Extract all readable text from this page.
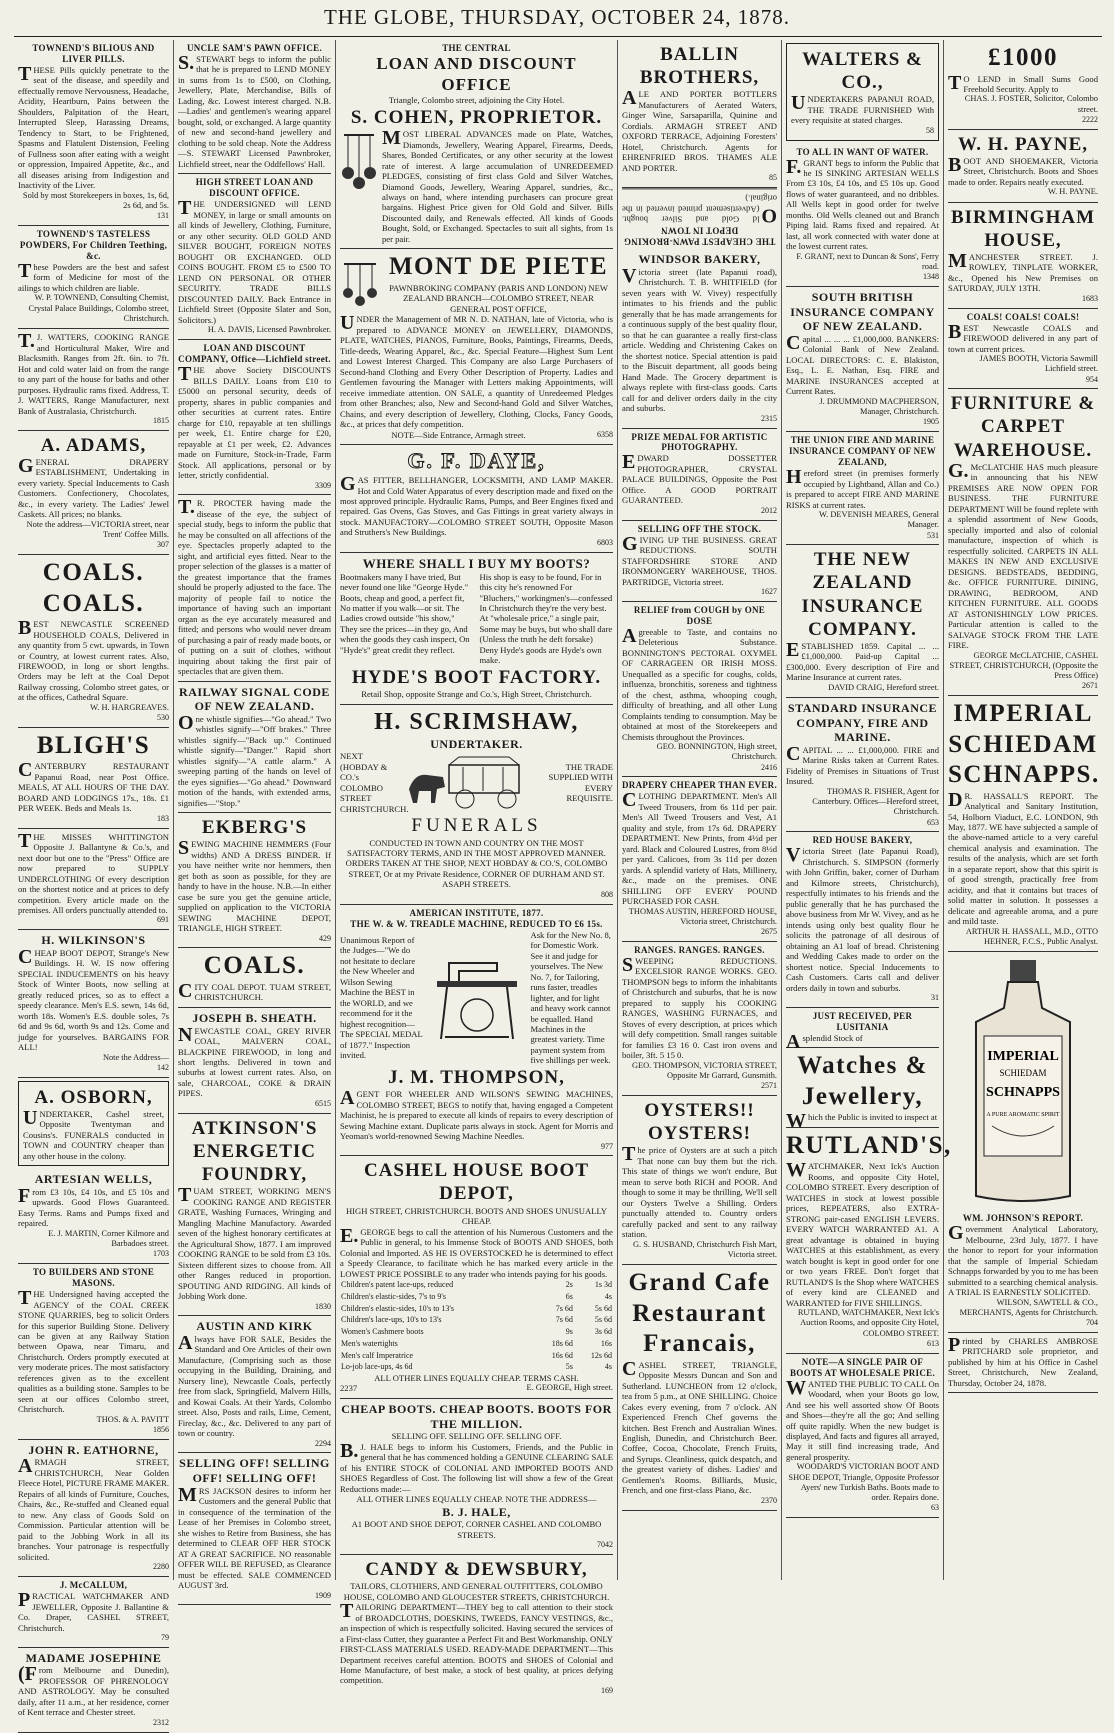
THE GLOBE, THURSDAY, OCTOBER 24, 1878.
TOWNEND'S BILIOUS AND LIVER PILLS.
THESE Pills quickly penetrate to the seat of the disease, and speedily and effectually remove Nervousness, Headache, Acidity, Heartburn, Pains between the Shoulders, Palpitation of the Heart, Interrupted Sleep, Harassing Dreams, Tendency to Start, to be Frightened, Spasms and Flatulent Distension, Feeling of Fullness soon after eating with a weight or oppression, Impaired Appetite, &c., and all diseases arising from Indigestion and Inactivity of the Liver.
Sold by most Storekeepers in boxes, 1s, 6d, 2s 6d, and 5s.
131
TOWNEND'S TASTELESS POWDERS, For Children Teething, &c.
These Powders are the best and safest form of Medicine for most of the ailings to which children are liable.
W. P. TOWNEND, Consulting Chemist, Crystal Palace Buildings, Colombo street, Christchurch.
T.J. WATTERS, COOKING RANGE and Horticultural Maker, Wire and Blacksmith. Ranges from 2ft. 6in. to 7ft. Hot and cold water laid on from the range to any part of the house for baths and other purposes. Hydraulic rams fixed. Address, T. J. WATTERS, Range Manufacturer, next Bank of Australasia, Christchurch.
1815
A. ADAMS,
GENERAL DRAPERY ESTABLISHMENT, Undertaking in every variety. Special Inducements to Cash Customers. Confectionery, Chocolates, &c., in every variety. The Ladies' Jewel Caskets. All prices; no blanks.
Note the address—VICTORIA street, near Trent' Coffee Mills.
307
COALS. COALS.
BEST NEWCASTLE SCREENED HOUSEHOLD COALS, Delivered in any quantity from 5 cwt. upwards, in Town or Country, at lowest current rates. Also, FIREWOOD, in long or short lengths. Orders may be left at the Coal Depot Railway crossing, Colombo street gates, or at the offices, Cathedral Square.
W. H. HARGREAVES.
530
BLIGH'S
CANTERBURY RESTAURANT Papanui Road, near Post Office. MEALS, AT ALL HOURS OF THE DAY. BOARD AND LODGINGS 17s., 18s. £1 PER WEEK. Beds and Meals 1s.
183
THE MISSES WHITTINGTON Opposite J. Ballantyne & Co.'s, and next door but one to the "Press" Office are now prepared to SUPPLY UNDERCLOTHING Of every description on the shortest notice and at prices to defy competition. Every article made on the premises. All orders punctually attended to.
691
H. WILKINSON'S
CHEAP BOOT DEPOT, Strange's New Buildings. H. W. IS now offering SPECIAL INDUCEMENTS on his heavy Stock of Winter Boots, now selling at greatly reduced prices, so as to effect a speedy clearance. Men's E.S. sewn, 14s 6d, worth 18s. Women's E.S. double soles, 7s 6d and 9s 6d, worth 9s and 12s. Come and judge for yourselves. BARGAINS FOR ALL!
Note the Address—
142
A. OSBORN,
UNDERTAKER, Cashel street, Opposite Twentyman and Cousins's. FUNERALS conducted in TOWN and COUNTRY cheaper than any other house in the colony.
ARTESIAN WELLS,
From £3 10s, £4 10s, and £5 10s and upwards. Good Flows Guaranteed. Easy Terms. Rams and Pumps fixed and repaired.
E. J. MARTIN, Corner Kilmore and Barbadoes street.
1703
TO BUILDERS AND STONE MASONS.
THE Undersigned having accepted the AGENCY of the COAL CREEK STONE QUARRIES, beg to solicit Orders for this superior Building Stone. Delivery can be given at any Railway Station between Opawa, near Timaru, and Christchurch. Orders promptly executed at very moderate prices. The most satisfactory references given as to the excellent qualities as a building stone. Samples to be seen at our offices Colombo street, Christchurch.
THOS. & A. PAVITT
1856
JOHN R. EATHORNE,
ARMAGH STREET, CHRISTCHURCH, Near Golden Fleece Hotel, PICTURE FRAME MAKER. Repairs of all kinds of Furniture, Couches, Chairs, &c., Re-stuffed and Cleaned equal to new. Any class of Goods Sold on Commission. Particular attention will be paid to the Jobbing Work in all its branches. Your patronage is respectfully solicited.
2280
J. McCALLUM,
PRACTICAL WATCHMAKER AND JEWELLER, Opposite J. Ballantine & Co. Draper, CASHEL STREET, Christchurch.
79
MADAME JOSEPHINE
(From Melbourne and Dunedin), PROFESSOR OF PHRENOLOGY AND ASTROLOGY. May be consulted daily, after 11 a.m., at her residence, corner of Kent terrace and Chester street.
2312
UNCLE SAM'S PAWN OFFICE.
S.STEWART begs to inform the public that he is prepared to LEND MONEY in sums from 1s to £500, on Clothing, Jewellery, Plate, Merchandise, Bills of Lading, &c. Lowest interest charged. N.B.—Ladies' and gentlemen's wearing apparel bought, sold, or exchanged. A large quantity of new and second-hand jewellery and clothing to be sold cheap. Note the Address—S. STEWART Licensed Pawnbroker, Lichfield street, near the Oddfellows' Hall.
HIGH STREET LOAN AND DISCOUNT OFFICE.
THE UNDERSIGNED will LEND MONEY, in large or small amounts on all kinds of Jewellery, Clothing, Furniture, or any other security. OLD GOLD AND SILVER BOUGHT, FOREIGN NOTES BOUGHT OR EXCHANGED. OLD COINS BOUGHT. FROM £5 to £500 TO LEND ON PERSONAL OR OTHER SECURITY. TRADE BILLS DISCOUNTED DAILY. Back Entrance in Lichfield Street (Opposite Slater and Son, Solicitors.)
H. A. DAVIS, Licensed Pawnbroker.
LOAN AND DISCOUNT COMPANY, Office—Lichfield street.
THE above Society DISCOUNTS BILLS DAILY. Loans from £10 to £5000 on personal security, deeds of property, shares in public companies and other securities at current rates. Entire charge for £10, repayable at ten shillings per week, £1. Entire charge for £20, repayable at £1 per week, £2. Advances made on Furniture, Stock-in-Trade, Farm Stock. All applications, personal or by letter, strictly confidential.
3309
T.R. PROCTER having made the disease of the eye, the subject of special study, begs to inform the public that he may be consulted on all affections of the eye. Spectacles properly adapted to the sight, and artificial eyes fitted. Near to the proper selection of the glasses is a matter of the greatest importance that the frames should be properly adjusted to the face. The majority of people fail to notice the importance of having such an important organ as the eye accurately measured and fitted; and persons who would never dream of purchasing a pair of ready made boots, or of putting on a suit of clothes, without inquiring about taking the first pair of spectacles that are given them.
RAILWAY SIGNAL CODE OF NEW ZEALAND.
One whistle signifies—"Go ahead." Two whistles signify—"Off brakes." Three whistles signify—"Back up." Continued whistle signify—"Danger." Rapid short whistles signify—"A cattle alarm." A sweeping parting of the hands on level of the eyes signifies—"Go ahead." Downward motion of the hands, with extended arms, signifies—"Stop."
EKBERG'S
SEWING MACHINE HEMMERS (Four widths) AND A DRESS BINDER. If you have neither write nor hemmers, then get both as soon as possible, for they are handy to have in the house. N.B.—In either case be sure you get the genuine article, supplied on application to the VICTORIA SEWING MACHINE DEPOT, TRIANGLE, HIGH STREET.
429
COALS.
CITY COAL DEPOT. TUAM STREET, CHRISTCHURCH.
JOSEPH B. SHEATH.
NEWCASTLE COAL, GREY RIVER COAL, MALVERN COAL, BLACKPINE FIREWOOD, in long and short lengths. Delivered in town and suburbs at lowest current rates. Also, on sale, CHARCOAL, COKE & DRAIN PIPES.
6515
ATKINSON'S ENERGETIC FOUNDRY,
TUAM STREET, WORKING MEN'S COOKING RANGE AND REGISTER GRATE, Washing Furnaces, Wringing and Mangling Machine Manufactory. Awarded seven of the highest honorary certificates at the Agricultural Show, 1877. I am improved COOKING RANGE to be sold from £3 10s. Sixteen different sizes to choose from. All other Ranges reduced in proportion. SPOUTING AND RIDGING. All kinds of Jobbing Work done.
1830
AUSTIN AND KIRK
Always have FOR SALE, Besides the Standard and Ore Articles of their own Manufacture, (Comprising such as those occupying in the Building, Draining, and Nursery line), Newcastle Coals, perfectly free from slack, Springfield, Malvern Hills, and Kowai Coals. At their Yards, Colombo street. Also, Posts and rails, Lime, Cement, Fireclay, &c., &c. Delivered to any part of town or country.
2294
SELLING OFF! SELLING OFF! SELLING OFF!
MRS JACKSON desires to inform her Customers and the general Public that in consequence of the termination of the Lease of her Premises in Colombo street, she wishes to Retire from Business, she has determined to CLEAR OFF HER STOCK AT A GREAT SACRIFICE. NO reasonable OFFER WILL BE REFUSED, as Clearance must be effected. SALE COMMENCED AUGUST 3rd.
1909
THE CENTRAL
LOAN AND DISCOUNT OFFICE
Triangle, Colombo street, adjoining the City Hotel.
S. COHEN, PROPRIETOR.
MOST LIBERAL ADVANCES made on Plate, Watches, Diamonds, Jewellery, Wearing Apparel, Firearms, Deeds, Shares, Bonded Certificates, or any other security at the lowest rate of interest. A large accumulation of UNREDEEMED PLEDGES, consisting of first class Gold and Silver Watches, Diamond Goods, Jewellery, Wearing Apparel, sundries, &c., always on hand, where intending purchasers can procure great bargains. Highest Price given for Old Gold and Silver. Bills Discounted daily, and Renewals effected. All kinds of Goods Bought, Sold, or Exchanged. Spectacles to suit all sights, from 1s per pair.
MONT DE PIETE
PAWNBROKING COMPANY (PARIS AND LONDON) NEW ZEALAND BRANCH—COLOMBO STREET, NEAR GENERAL POST OFFICE,
UNDER the Management of MR N. D. NATHAN, late of Victoria, who is prepared to ADVANCE MONEY on JEWELLERY, DIAMONDS, PLATE, WATCHES, PIANOS, Furniture, Books, Paintings, Firearms, Deeds, Title-deeds, Wearing Apparel, &c., &c. Special Feature—Highest Sum Lent and Lowest Interest Charged. This Company are also Large Purchasers of Second-hand Clothing and Every Other Description of Property. Ladies and Gentlemen favouring the Manager with Letters making Appointments, will receive immediate attention. ON SALE, a quantity of Unredeemed Pledges from other Branches; also, New and Second-hand Gold and Silver Watches, Chains, and every description of Jewellery, Clothing, Clocks, Fancy Goods, &c., at prices that defy competition.
NOTE—Side Entrance, Armagh street.	6358
G. F. DAYE,
GAS FITTER, BELLHANGER, LOCKSMITH, AND LAMP MAKER. Hot and Cold Water Apparatus of every description made and fixed on the most approved principle. Hydraulic Rams, Pumps, and Beer Engines fixed and repaired. Gas Ovens, Gas Stoves, and Gas Fittings in great variety always in stock. MANUFACTORY—COLOMBO STREET SOUTH, Opposite Mason and Struthers's New Buildings.
6803
WHERE SHALL I BUY MY BOOTS?
Bootmakers many I have tried, But never found one like "George Hyde." Boots, cheap and good, a perfect fit, No matter if you walk—or sit. The Ladies crowd outside "his show," They see the prices—in they go, And when the goods they cash inspect, On "Hyde's" great credit they reflect.
His shop is easy to be found, For in this city he's renowned For "Bluchers," workingmen's—confessed In Christchurch they're the very best. At "wholesale price," a single pair, Some may be buys, but who shall dare (Unless the truth he deft forsake) Deny Hyde's goods are Hyde's own make.
HYDE'S BOOT FACTORY.
Retail Shop, opposite Strange and Co.'s, High Street, Christchurch.
H. SCRIMSHAW,
UNDERTAKER.
NEXT (HOBDAY & CO.'s COLOMBO STREET CHRISTCHURCH.
THE TRADE SUPPLIED WITH EVERY REQUISITE.
FUNERALS
CONDUCTED IN TOWN AND COUNTRY ON THE MOST SATISFACTORY TERMS, AND IN THE MOST APPROVED MANNER. ORDERS TAKEN AT THE SHOP, NEXT HOBDAY & CO.'S, COLOMBO STREET, Or at my Private Residence, CORNER OF DURHAM AND ST. ASAPH STREETS.
808
AMERICAN INSTITUTE, 1877.
THE W. & W. TREADLE MACHINE, REDUCED TO £6 15s.
Unanimous Report of the Judges—"We do not hesitate to declare the New Wheeler and Wilson Sewing Machine the BEST in the WORLD, and we recommend for it the highest recognition—The SPECIAL MEDAL of 1877." Inspection invited.
Ask for the New No. 8, for Domestic Work. See it and judge for yourselves. The New No. 7, for Tailoring, runs faster, treadles lighter, and for light and heavy work cannot be equalled. Hand Machines in the greatest variety. Time payment system from five shillings per week.
J. M. THOMPSON,
AGENT FOR WHEELER AND WILSON'S SEWING MACHINES, COLOMBO STREET, BEGS to notify that, having engaged a Competent Machinist, he is prepared to execute all kinds of repairs to every description of Sewing Machine extant. Duplicate parts always in stock. Agent for Morris and Yeoman's world-renowned Sewing Machine Needles.
977
CASHEL HOUSE BOOT DEPOT,
HIGH STREET, CHRISTCHURCH. BOOTS AND SHOES UNUSUALLY CHEAP.
E.GEORGE begs to call the attention of his Numerous Customers and the Public in general, to his Immense Stock of BOOTS AND SHOES, both Colonial and Imported. AS HE IS OVERSTOCKED he is determined to effect a Speedy Clearance, to facilitate which he has marked every article in the LOWEST PRICE POSSIBLE to any trader who intends paying for his goods.
Children's patent lace-ups, reduced	2s	1s 3d
Children's elastic-sides, 7's to 9's	6s	4s
Children's elastic-sides, 10's to 13's	7s 6d	5s 6d
Children's lace-ups, 10's to 13's	7s 6d	5s 6d
Women's Cashmere boots	9s	3s 6d
Men's watertights	18s 6d	16s
Men's calf Imperatrice	16s 6d	12s 6d
Lo-job lace-ups, 4s 6d	5s	4s
ALL OTHER LINES EQUALLY CHEAP. TERMS CASH.
2237	E. GEORGE, High street.
CHEAP BOOTS. CHEAP BOOTS. BOOTS FOR THE MILLION.
SELLING OFF. SELLING OFF. SELLING OFF.
B.J. HALE begs to inform his Customers, Friends, and the Public in general that he has commenced holding a GENUINE CLEARING SALE of his ENTIRE STOCK of COLONIAL AND IMPORTED BOOTS AND SHOES Regardless of Cost. The following list will show a few of the Great Reductions made:—
ALL OTHER LINES EQUALLY CHEAP. NOTE THE ADDRESS—
B. J. HALE,
A1 BOOT AND SHOE DEPOT, CORNER CASHEL AND COLOMBO STREETS.
7042
CANDY & DEWSBURY,
TAILORS, CLOTHIERS, AND GENERAL OUTFITTERS, COLOMBO HOUSE, COLOMBO AND GLOUCESTER STREETS, CHRISTCHURCH.
TAILORING DEPARTMENT—THEY beg to call attention to their stock of BROADCLOTHS, DOESKINS, TWEEDS, FANCY VESTINGS, &c., an inspection of which is respectfully solicited. Having secured the services of a First-class Cutter, they guarantee a Perfect Fit and Best Workmanship. ONLY FIRST-CLASS MATERIALS USED. READY-MADE DEPARTMENT—This Department receives careful attention. BOOTS and SHOES of Colonial and Home Manufacture, of best make, a stock of best quality, at prices defying competition.
169
BALLIN BROTHERS,
ALE AND PORTER BOTTLERS Manufacturers of Aerated Waters, Ginger Wine, Sarsaparilla, Quinine and Cordials. ARMAGH STREET AND OXFORD TERRACE, Adjoining Foresters' Hotel, Christchurch. Agents for EHRENFRIED BROS. THAMES ALE AND PORTER.
85
THE CHEAPEST PAWN-BROKING DEPOT IN TOWN
Old Gold and Silver bought. (Advertisement printed inverted in the original.)
WINDSOR BAKERY,
Victoria street (late Papanui road), Christchurch. T. B. WHITFIELD (for seven years with W. Vivey) respectfully intimates to his friends and the public generally that he has made arrangements for a continuous supply of the best quality flour, so that he can guarantee a really first-class article. Wedding and Christening Cakes on the shortest notice. Special attention is paid to the Biscuit department, all goods being Hand Made. The Grocery department is always replete with first-class goods. Carts call for and deliver orders daily in the city and suburbs.
2315
PRIZE MEDAL FOR ARTISTIC PHOTOGRAPHY.
EDWARD DOSSETTER PHOTOGRAPHER, CRYSTAL PALACE BUILDINGS, Opposite the Post Office. A GOOD PORTRAIT GUARANTEED.
2012
SELLING OFF THE STOCK.
GIVING UP THE BUSINESS. GREAT REDUCTIONS. SOUTH STAFFORDSHIRE STORE AND IRONMONGERY WAREHOUSE, THOS. PARTRIDGE, Victoria street.
1627
RELIEF from COUGH by ONE DOSE
Agreeable to Taste, and contains no Deleterious Substance. BONNINGTON'S PECTORAL OXYMEL OF CARRAGEEN OR IRISH MOSS. Unequalled as a specific for coughs, colds, influenza, bronchitis, soreness and tightness of the chest, asthma, whooping cough, difficulty of breathing, and all other Lung Complaints tending to consumption. May be obtained at most of the Storekeepers and Chemists throughout the Provinces.
GEO. BONNINGTON, High street, Christchurch.
2416
DRAPERY CHEAPER THAN EVER.
CLOTHING DEPARTMENT. Men's All Tweed Trousers, from 6s 11d per pair. Men's All Tweed Trousers and Vest, A1 quality and style, from 17s 6d. DRAPERY DEPARTMENT. New Prints, from 4½d per yard. Black and Coloured Lustres, from 8½d per yard. Calicoes, from 3s 11d per dozen yards. A splendid variety of Hats, Millinery, &c., made on the premises. ONE SHILLING OFF EVERY POUND PURCHASED FOR CASH.
THOMAS AUSTIN, HEREFORD HOUSE, Victoria street, Christchurch.
2675
RANGES. RANGES. RANGES.
SWEEPING REDUCTIONS. EXCELSIOR RANGE WORKS. GEO. THOMPSON begs to inform the inhabitants of Christchurch and suburbs, that he is now prepared to supply his COOKING RANGES, WASHING FURNACES, and Stoves of every description, at prices which will defy competition. Small ranges suitable for families £3 16 0. Cast iron ovens and boiler, 3ft. 5 15 0.
GEO. THOMPSON, VICTORIA STREET, Opposite Mr Garrard, Gunsmith.
2571
OYSTERS!! OYSTERS!
The price of Oysters are at such a pitch That none can buy them but the rich. This state of things we won't endure, But mean to serve both RICH and POOR. And though to some it may be thrilling, We'll sell our Oysters Twelve a Shilling. Orders punctually attended to. Country orders carefully packed and sent to any railway station.
G. S. HUSBAND, Christchurch Fish Mart, Victoria street.
Grand Cafe Restaurant Francais,
CASHEL STREET, TRIANGLE, Opposite Messrs Duncan and Son and Sutherland. LUNCHEON from 12 o'clock, tea from 5 p.m., at ONE SHILLING. Choice Cakes every evening, from 7 o'clock. AN Experienced French Chef governs the kitchen. Best French and Australian Wines. English, Dunedin, and Christchurch Beer. Coffee, Cocoa, Chocolate, French Fruits, and Syrups. Cleanliness, quick despatch, and the greatest variety of dishes. Ladies' and Gentlemen's Rooms. Billiards, Music, French, and one first-class Piano, &c.
2370
WALTERS & CO.,
UNDERTAKERS PAPANUI ROAD, THE TRADE FURNISHED With every requisite at stated charges.
58
TO ALL IN WANT OF WATER.
F.GRANT begs to inform the Public that he IS SINKING ARTESIAN WELLS From £3 10s, £4 10s, and £5 10s up. Good flows of water guaranteed, and no dribbles. All Wells kept in good order for twelve months. Old Wells cleaned out and Branch Piping laid. Rams fixed and repaired. At last, all work connected with water done at the lowest current rates.
F. GRANT, next to Duncan & Sons', Ferry road.
1348
SOUTH BRITISH INSURANCE COMPANY OF NEW ZEALAND.
Capital ... ... ... £1,000,000. BANKERS: Colonial Bank of New Zealand. LOCAL DIRECTORS: C. E. Blakiston, Esq., L. E. Nathan, Esq. FIRE and MARINE INSURANCES accepted at Current Rates.
J. DRUMMOND MACPHERSON, Manager, Christchurch.
1905
THE UNION FIRE AND MARINE INSURANCE COMPANY OF NEW ZEALAND,
Hereford street (in premises formerly occupied by Lightband, Allan and Co.) is prepared to accept FIRE AND MARINE RISKS at current rates.
W. DEVENISH MEARES, General Manager.
531
THE NEW ZEALAND INSURANCE COMPANY.
ESTABLISHED 1859. Capital ... ... £1,000,000. Paid-up Capital ... £300,000. Every description of Fire and Marine Insurance at current rates.
DAVID CRAIG, Hereford street.
STANDARD INSURANCE COMPANY, FIRE AND MARINE.
CAPITAL ... ... £1,000,000. FIRE and Marine Risks taken at Current Rates. Fidelity of Premises in Situations of Trust Insured.
THOMAS R. FISHER, Agent for Canterbury. Offices—Hereford street, Christchurch.
653
RED HOUSE BAKERY,
Victoria Street (late Papanui Road), Christchurch. S. SIMPSON (formerly with John Griffin, baker, corner of Durham and Kilmore streets, Christchurch), respectfully intimates to his friends and the public generally that he has purchased the above business from Mr W. Vivey, and as he intends using only best quality flour he solicits the patronage of all desirous of obtaining an A1 loaf of bread. Christening and Wedding Cakes made to order on the shortest notice. Special Inducements to Cash Customers. Carts call and deliver orders daily in town and suburbs.
31
JUST RECEIVED, PER LUSITANIA
Asplendid Stock of
Watches & Jewellery,
Which the Public is invited to inspect at
RUTLAND'S,
WATCHMAKER, Next Ick's Auction Rooms, and opposite City Hotel, COLOMBO STREET. Every description of WATCHES in stock at lowest possible prices, REPEATERS, also EXTRA-STRONG pair-cased ENGLISH LEVERS. EVERY WATCH WARRANTED A1. A great advantage is obtained in buying WATCHES at this establishment, as every watch bought is kept in good order for one or two years FREE. Don't forget that RUTLAND'S Is the Shop where WATCHES of every kind are CLEANED and WARRANTED for FIVE SHILLINGS.
RUTLAND, WATCHMAKER, Next Ick's Auction Rooms, and opposite City Hotel, COLOMBO STREET.
613
NOTE—A SINGLE PAIR OF BOOTS AT WHOLESALE PRICE.
WANTED THE PUBLIC TO CALL On Woodard, when your Boots go low, And see his well assorted show Of Boots and Shoes—they're all the go; And selling off quite rapidly. When the new budget is displayed, And facts and figures all arrayed, May it still find increasing trade, And general prosperity.
WOODARD'S VICTORIAN BOOT AND SHOE DEPOT, Triangle, Opposite Professor Ayers' new Turkish Baths. Boots made to order. Repairs done.
63
£1000
TO LEND in Small Sums Good Freehold Security. Apply to
CHAS. J. FOSTER, Solicitor, Colombo street.
2222
W. H. PAYNE,
BOOT AND SHOEMAKER, Victoria Street, Christchurch. Boots and Shoes made to order. Repairs neatly executed.
W. H. PAYNE.
BIRMINGHAM HOUSE,
MANCHESTER STREET. J. ROWLEY, TINPLATE WORKER, &c., Opened his New Premises on SATURDAY, JULY 13TH.
1683
COALS! COALS! COALS!
BEST Newcastle COALS and FIREWOOD delivered in any part of town at current prices.
JAMES BOOTH, Victoria Sawmill Lichfield street.
954
FURNITURE & CARPET WAREHOUSE.
G.McCLATCHIE HAS much pleasure in announcing that his NEW PREMISES ARE NOW OPEN FOR BUSINESS. THE FURNITURE DEPARTMENT Will be found replete with a splendid assortment of New Goods, specially imported and also of colonial manufacture, inspection of which is respectfully solicited. CARPETS IN ALL MAKES IN NEW AND EXCLUSIVE DESIGNS. BEDSTEADS, BEDDING, &c. OFFICE FURNITURE. DINING, DRAWING, BEDROOM, AND KITCHEN FURNITURE. ALL GOODS AT ASTONISHINGLY LOW PRICES. Particular attention is called to the SALVAGE STOCK FROM THE LATE FIRE.
GEORGE McCLATCHIE, CASHEL STREET, CHRISTCHURCH, (Opposite the Press Office)
2671
IMPERIAL SCHIEDAM SCHNAPPS.
DR. HASSALL'S REPORT. The Analytical and Sanitary Institution, 54, Holborn Viaduct, E.C. LONDON, 9th May, 1877. WE have subjected a sample of the above-named article to a very careful chemical analysis and examination. The results of the analysis, which are set forth in a separate report, show that this spirit is of good strength, practically free from acidity, and that it contains but traces of solid matter in solution. It possesses a delicate and agreeable aroma, and a pure and mild taste.
ARTHUR H. HASSALL, M.D., OTTO HEHNER, F.C.S., Public Analyst.
IMPERIAL
SCHIEDAM
SCHNAPPS
A PURE AROMATIC SPIRIT
WM. JOHNSON'S REPORT.
Government Analytical Laboratory, Melbourne, 23rd July, 1877. I have the honor to report for your information that the sample of Imperial Schiedam Schnapps forwarded by you to me has been submitted to a searching chemical analysis. A TRIAL IS EARNESTLY SOLICITED.
WILSON, SAWTELL & CO., MERCHANTS, Agents for Christchurch.
704
Printed by CHARLES AMBROSE PRITCHARD sole proprietor, and published by him at his Office in Cashel Street, Christchurch, New Zealand, Thursday, October 24, 1878.
